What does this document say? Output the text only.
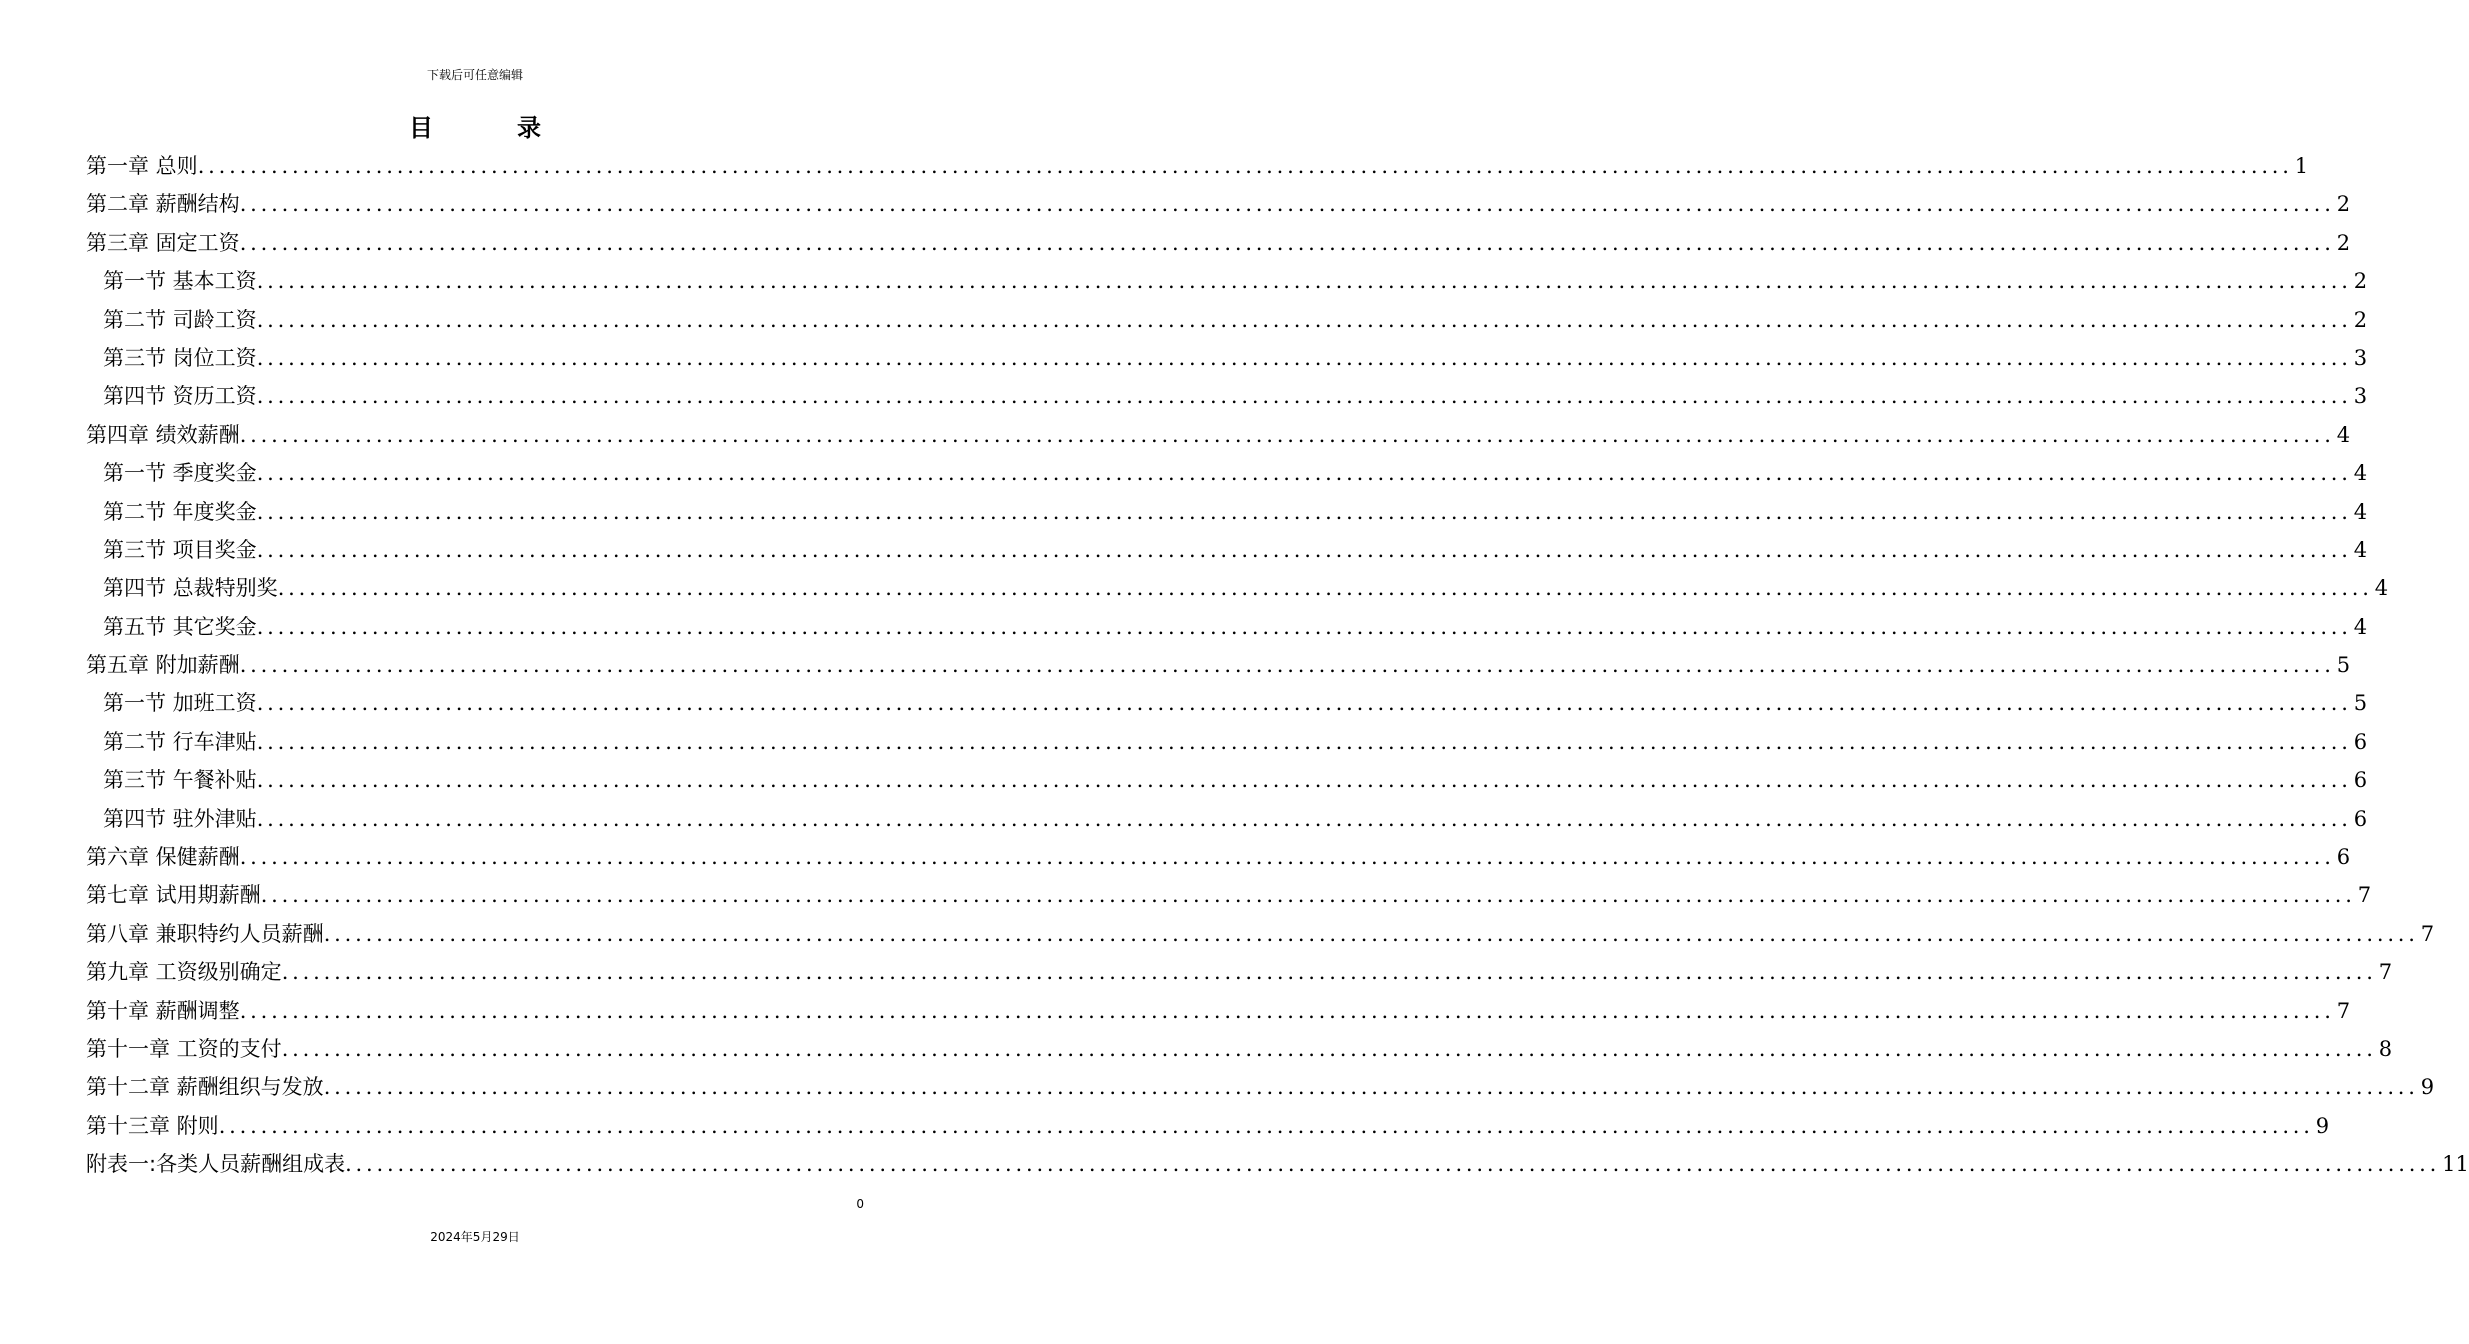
下载后可任意编辑
目录
第一章 总则 ........................................................................................................................................................................................................ 1
第二章 薪酬结构 ........................................................................................................................................................................................................ 2
第三章 固定工资 ........................................................................................................................................................................................................ 2
第一节 基本工资 ........................................................................................................................................................................................................ 2
第二节 司龄工资 ........................................................................................................................................................................................................ 2
第三节 岗位工资 ........................................................................................................................................................................................................ 3
第四节 资历工资 ........................................................................................................................................................................................................ 3
第四章 绩效薪酬 ........................................................................................................................................................................................................ 4
第一节 季度奖金 ........................................................................................................................................................................................................ 4
第二节 年度奖金 ........................................................................................................................................................................................................ 4
第三节 项目奖金 ........................................................................................................................................................................................................ 4
第四节 总裁特别奖 ........................................................................................................................................................................................................ 4
第五节 其它奖金 ........................................................................................................................................................................................................ 4
第五章 附加薪酬 ........................................................................................................................................................................................................ 5
第一节 加班工资 ........................................................................................................................................................................................................ 5
第二节 行车津贴 ........................................................................................................................................................................................................ 6
第三节 午餐补贴 ........................................................................................................................................................................................................ 6
第四节 驻外津贴 ........................................................................................................................................................................................................ 6
第六章 保健薪酬 ........................................................................................................................................................................................................ 6
第七章 试用期薪酬 ........................................................................................................................................................................................................ 7
第八章 兼职特约人员薪酬 ........................................................................................................................................................................................................ 7
第九章 工资级别确定 ........................................................................................................................................................................................................ 7
第十章 薪酬调整 ........................................................................................................................................................................................................ 7
第十一章 工资的支付 ........................................................................................................................................................................................................ 8
第十二章 薪酬组织与发放 ........................................................................................................................................................................................................ 9
第十三章 附则 ........................................................................................................................................................................................................ 9
附表一:各类人员薪酬组成表 ........................................................................................................................................................................................................ 11
0
2024年5月29日
